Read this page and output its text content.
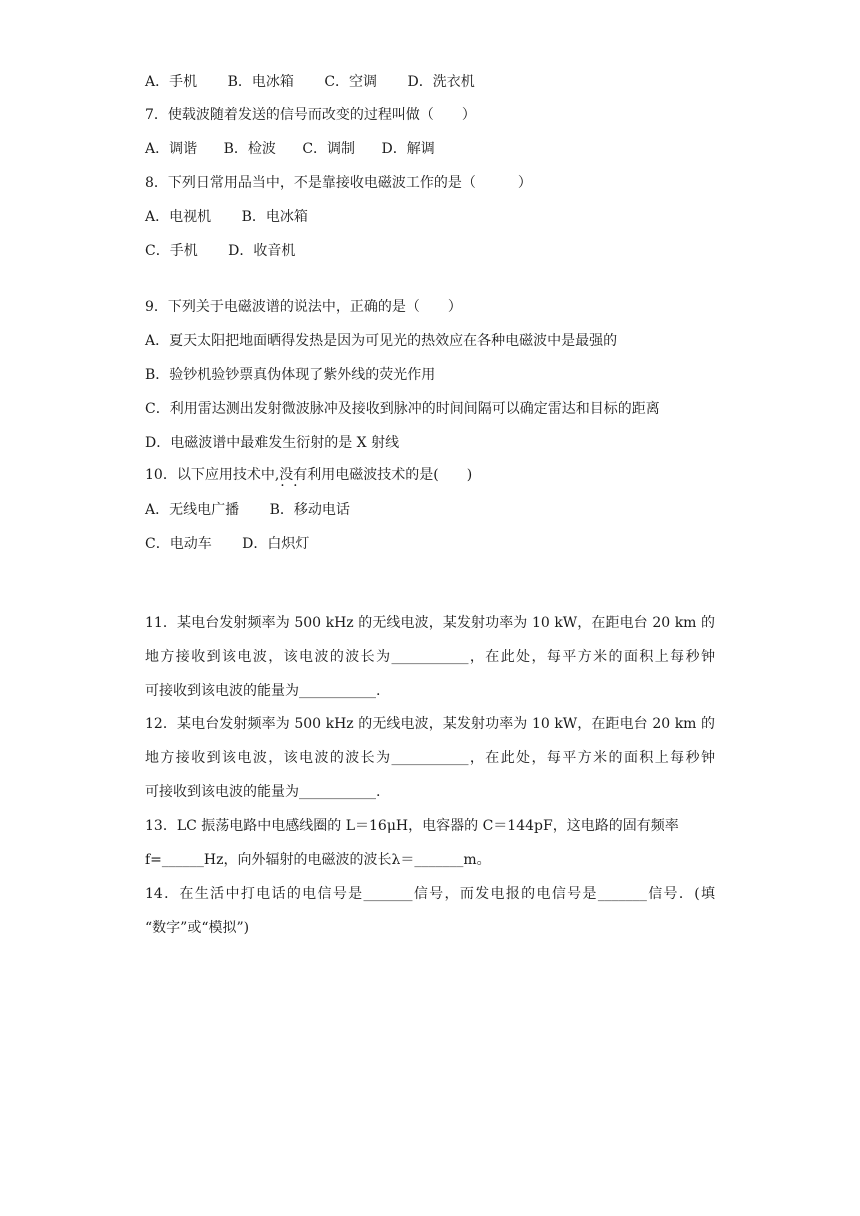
A．手机 B．电冰箱 C．空调 D．洗衣机
7．使载波随着发送的信号而改变的过程叫做（　　）
A．调谐 B．检波 C．调制 D．解调
8．下列日常用品当中，不是靠接收电磁波工作的是（　　　）
A．电视机 B．电冰箱
C．手机 D．收音机
9．下列关于电磁波谱的说法中，正确的是（　　）
A．夏天太阳把地面晒得发热是因为可见光的热效应在各种电磁波中是最强的
B．验钞机验钞票真伪体现了紫外线的荧光作用
C．利用雷达测出发射微波脉冲及接收到脉冲的时间间隔可以确定雷达和目标的距离
D．电磁波谱中最难发生衍射的是 X 射线
10．以下应用技术中,没有 · ·利用电磁波技术的是(　　)
A．无线电广播 B．移动电话
C．电动车 D．白炽灯
11．某电台发射频率为 500 kHz 的无线电波，某发射功率为 10 kW，在距电台 20 km 的
地方接收到该电波，该电波的波长为___________，在此处，每平方米的面积上每秒钟
可接收到该电波的能量为___________.
12．某电台发射频率为 500 kHz 的无线电波，某发射功率为 10 kW，在距电台 20 km 的
地方接收到该电波，该电波的波长为___________，在此处，每平方米的面积上每秒钟
可接收到该电波的能量为___________.
13．LC 振荡电路中电感线圈的 L＝16μH，电容器的 C＝144pF，这电路的固有频率
f=______Hz，向外辐射的电磁波的波长λ＝_______m。
14．在生活中打电话的电信号是_______信号，而发电报的电信号是_______信号．(填
“数字”或“模拟”)
